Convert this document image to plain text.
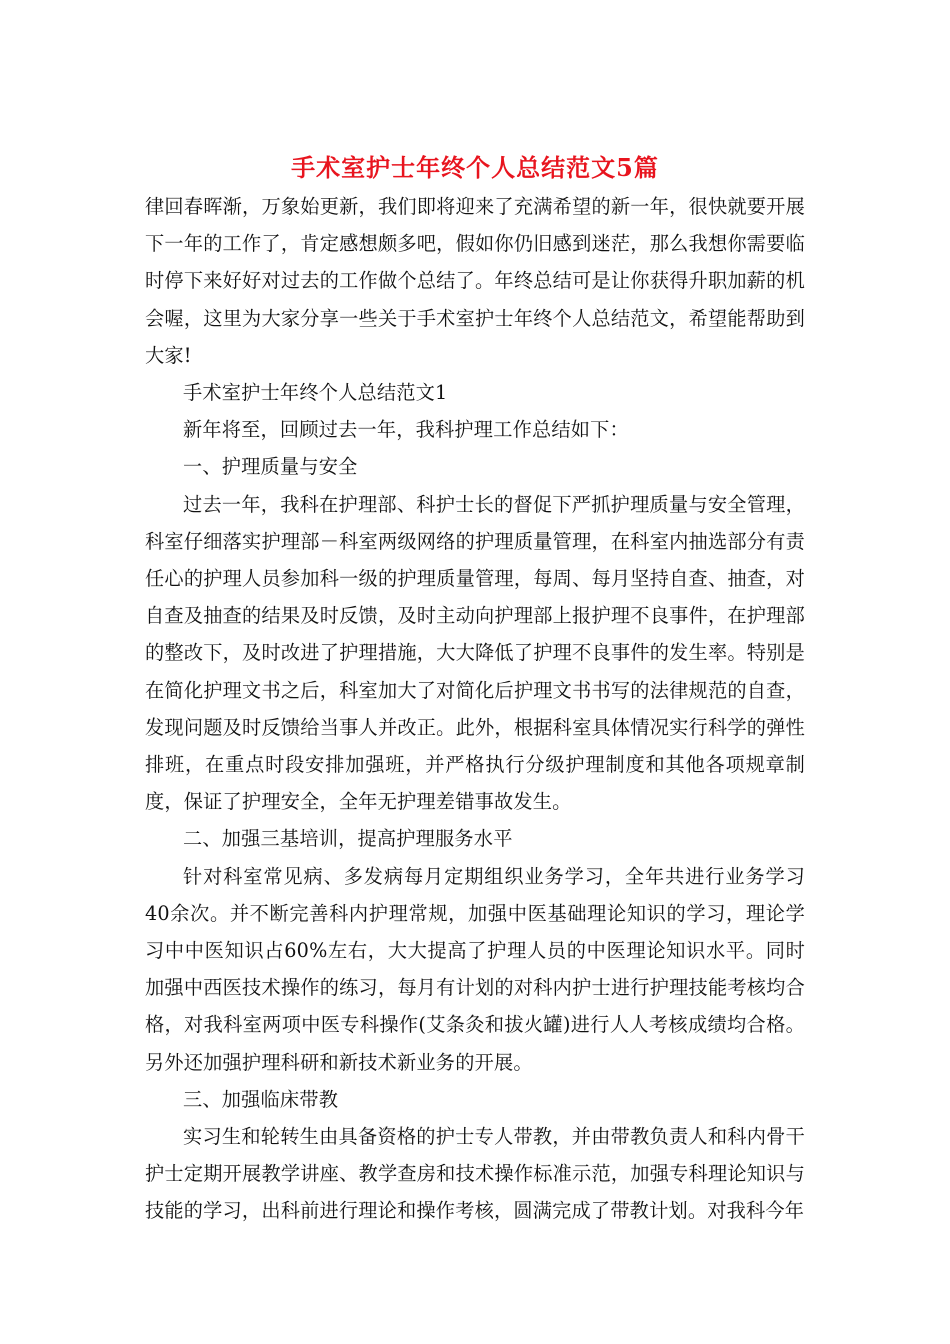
手术室护士年终个人总结范文5篇

律回春晖渐，万象始更新，我们即将迎来了充满希望的新一年，很快就要开展下一年的工作了，肯定感想颇多吧，假如你仍旧感到迷茫，那么我想你需要临时停下来好好对过去的工作做个总结了。年终总结可是让你获得升职加薪的机会喔，这里为大家分享一些关于手术室护士年终个人总结范文，希望能帮助到大家!

手术室护士年终个人总结范文1

新年将至，回顾过去一年，我科护理工作总结如下：

一、护理质量与安全

过去一年，我科在护理部、科护士长的督促下严抓护理质量与安全管理，科室仔细落实护理部－科室两级网络的护理质量管理，在科室内抽选部分有责任心的护理人员参加科一级的护理质量管理，每周、每月坚持自查、抽查，对自查及抽查的结果及时反馈，及时主动向护理部上报护理不良事件，在护理部的整改下，及时改进了护理措施，大大降低了护理不良事件的发生率。特别是在简化护理文书之后，科室加大了对简化后护理文书书写的法律规范的自查，发现问题及时反馈给当事人并改正。此外，根据科室具体情况实行科学的弹性排班，在重点时段安排加强班，并严格执行分级护理制度和其他各项规章制度，保证了护理安全，全年无护理差错事故发生。

二、加强三基培训，提高护理服务水平

针对科室常见病、多发病每月定期组织业务学习，全年共进行业务学习40余次。并不断完善科内护理常规，加强中医基础理论知识的学习，理论学习中中医知识占60%左右，大大提高了护理人员的中医理论知识水平。同时加强中西医技术操作的练习，每月有计划的对科内护士进行护理技能考核均合格，对我科室两项中医专科操作(艾条灸和拔火罐)进行人人考核成绩均合格。另外还加强护理科研和新技术新业务的开展。

三、加强临床带教

实习生和轮转生由具备资格的护士专人带教，并由带教负责人和科内骨干护士定期开展教学讲座、教学查房和技术操作标准示范，加强专科理论知识与技能的学习，出科前进行理论和操作考核，圆满完成了带教计划。对我科今年
